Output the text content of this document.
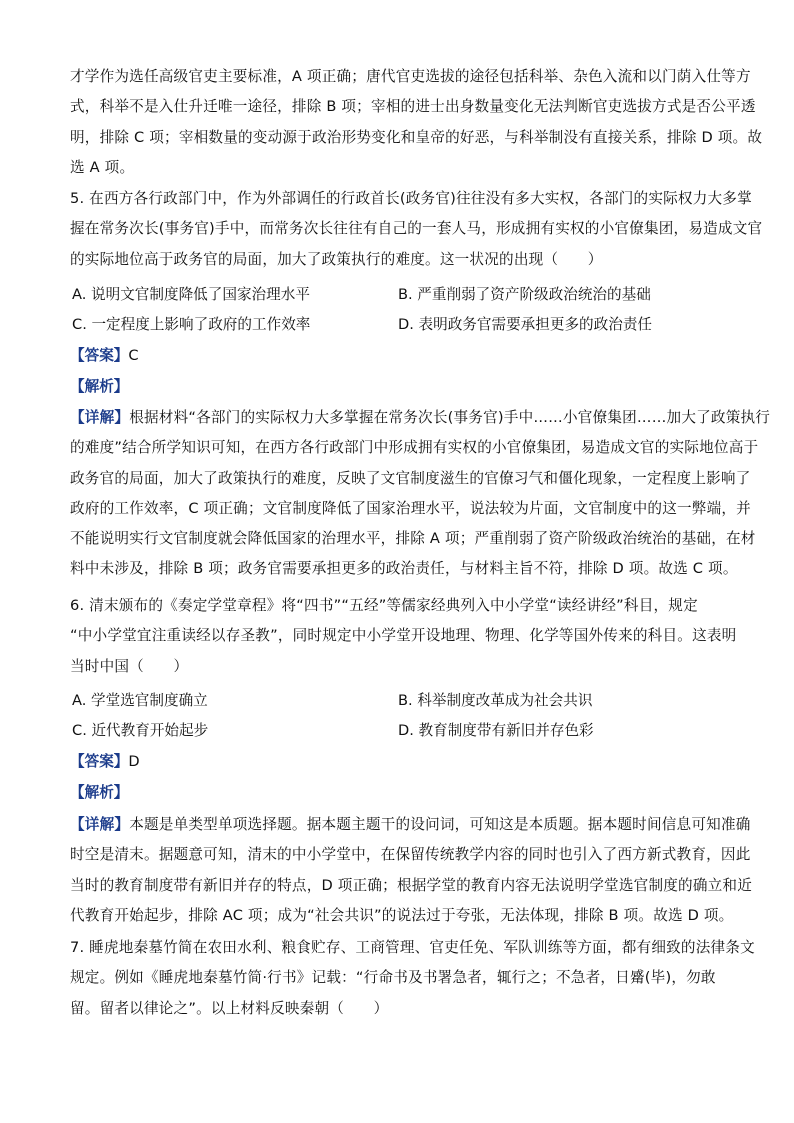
才学作为选任高级官吏主要标准，A 项正确；唐代官吏选拔的途径包括科举、杂色入流和以门荫入仕等方
式，科举不是入仕升迁唯一途径，排除 B 项；宰相的进士出身数量变化无法判断官吏选拔方式是否公平透
明，排除 C 项；宰相数量的变动源于政治形势变化和皇帝的好恶，与科举制没有直接关系，排除 D 项。故
选 A 项。
5. 在西方各行政部门中，作为外部调任的行政首长(政务官)往往没有多大实权，各部门的实际权力大多掌
握在常务次长(事务官)手中，而常务次长往往有自己的一套人马，形成拥有实权的小官僚集团，易造成文官
的实际地位高于政务官的局面，加大了政策执行的难度。这一状况的出现（　　）
A. 说明文官制度降低了国家治理水平	B. 严重削弱了资产阶级政治统治的基础
C. 一定程度上影响了政府的工作效率	D. 表明政务官需要承担更多的政治责任
【答案】C
【解析】
【详解】根据材料“各部门的实际权力大多掌握在常务次长(事务官)手中……小官僚集团……加大了政策执行
的难度”结合所学知识可知，在西方各行政部门中形成拥有实权的小官僚集团，易造成文官的实际地位高于
政务官的局面，加大了政策执行的难度，反映了文官制度滋生的官僚习气和僵化现象，一定程度上影响了
政府的工作效率，C 项正确；文官制度降低了国家治理水平，说法较为片面，文官制度中的这一弊端，并
不能说明实行文官制度就会降低国家的治理水平，排除 A 项；严重削弱了资产阶级政治统治的基础，在材
料中未涉及，排除 B 项；政务官需要承担更多的政治责任，与材料主旨不符，排除 D 项。故选 C 项。
6. 清末颁布的《奏定学堂章程》将“四书”“五经”等儒家经典列入中小学堂“读经讲经”科目，规定
“中小学堂宜注重读经以存圣教”，同时规定中小学堂开设地理、物理、化学等国外传来的科目。这表明
当时中国（　　）
A. 学堂选官制度确立	B. 科举制度改革成为社会共识
C. 近代教育开始起步	D. 教育制度带有新旧并存色彩
【答案】D
【解析】
【详解】本题是单类型单项选择题。据本题主题干的设问词，可知这是本质题。据本题时间信息可知准确
时空是清末。据题意可知，清末的中小学堂中，在保留传统教学内容的同时也引入了西方新式教育，因此
当时的教育制度带有新旧并存的特点，D 项正确；根据学堂的教育内容无法说明学堂选官制度的确立和近
代教育开始起步，排除 AC 项；成为“社会共识”的说法过于夸张，无法体现，排除 B 项。故选 D 项。
7. 睡虎地秦墓竹简在农田水利、粮食贮存、工商管理、官吏任免、军队训练等方面，都有细致的法律条文
规定。例如《睡虎地秦墓竹简·行书》记载：“行命书及书署急者，辄行之；不急者，日觱(毕)，勿敢
留。留者以律论之”。以上材料反映秦朝（　　）
